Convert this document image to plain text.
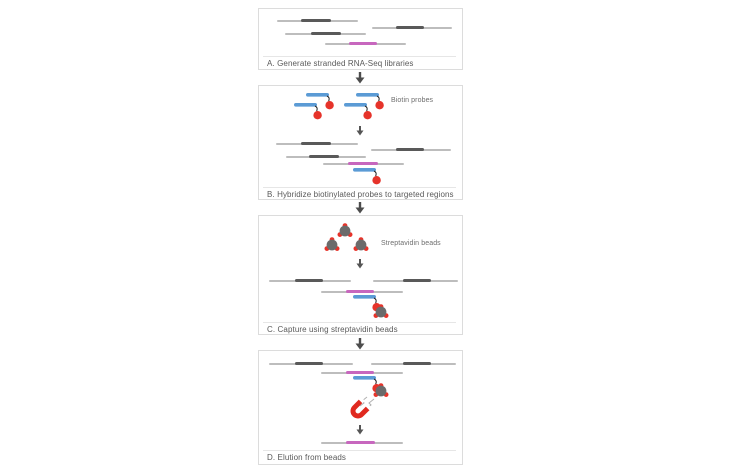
A. Generate stranded RNA-Seq libraries
Biotin probes
B. Hybridize biotinylated probes to targeted regions
Streptavidin beads
C. Capture using streptavidin beads
D. Elution from beads
